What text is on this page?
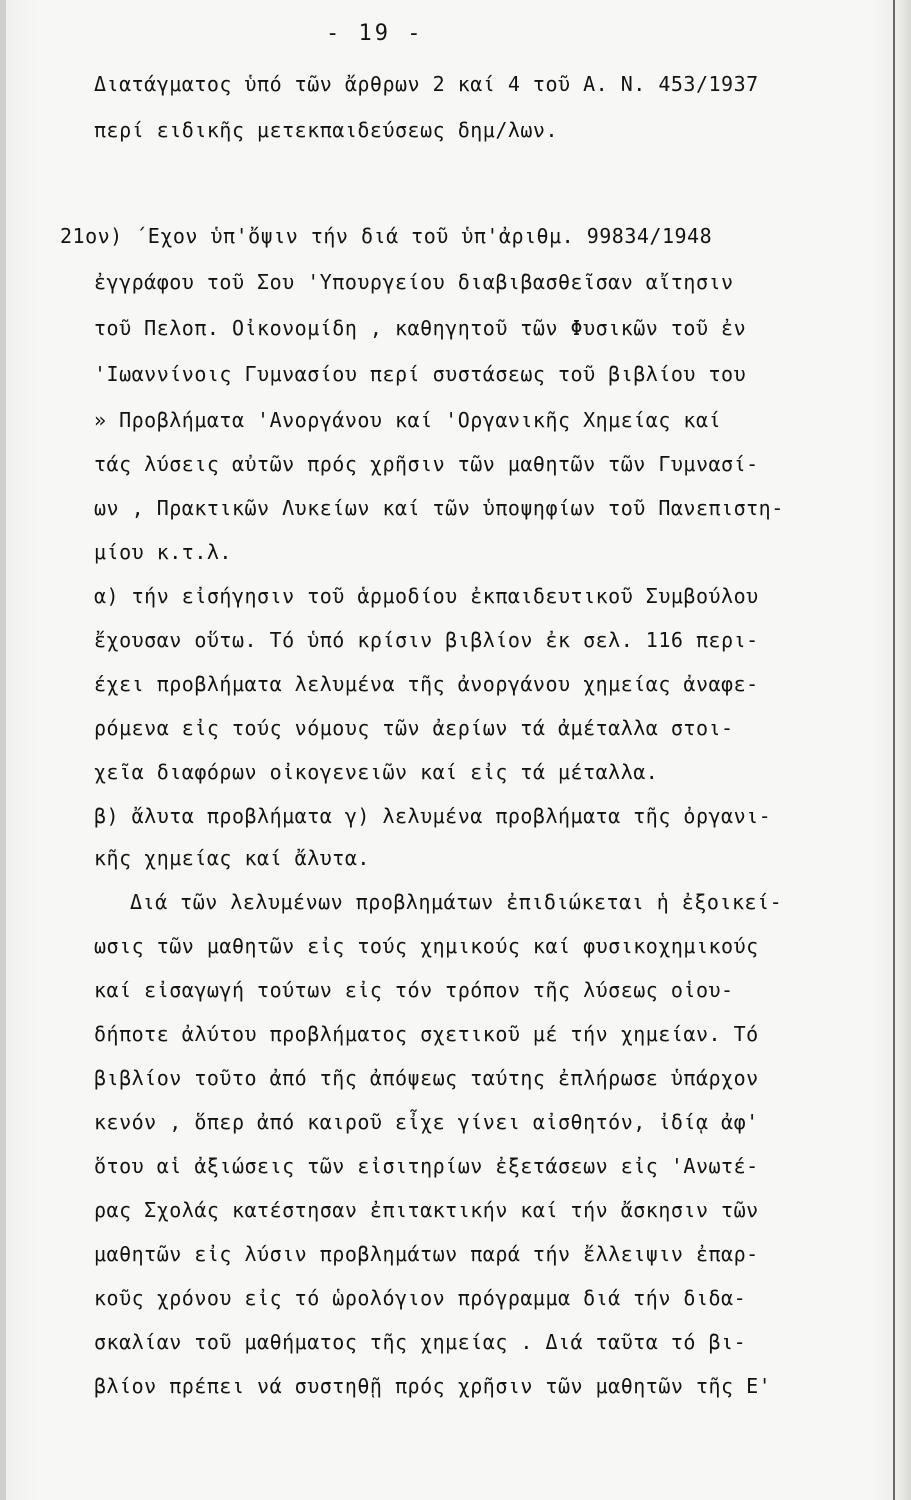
- 19 -
Διατάγματος ὑπό τῶν ἄρθρων 2 καί 4 τοῦ Α. Ν. 453/1937
περί ειδικῆς μετεκπαιδεύσεως δημ/λων.
21ον) ΄Εχον ὑπ'ὄψιν τήν διά τοῦ ὑπ'ἀριθμ. 99834/1948
ἐγγράφου τοῦ Σου 'Υπουργείου διαβιβασθεῖσαν αἴτησιν
τοῦ Πελοπ. Οἰκονομίδη , καθηγητοῦ τῶν Φυσικῶν τοῦ ἐν
'Ιωαννίνοις Γυμνασίου περί συστάσεως τοῦ βιβλίου του
» Προβλήματα 'Ανοργάνου καί 'Οργανικῆς Χημείας καί
τάς λύσεις αὐτῶν πρός χρῆσιν τῶν μαθητῶν τῶν Γυμνασί-
ων , Πρακτικῶν Λυκείων καί τῶν ὑποψηφίων τοῦ Πανεπιστη-
μίου κ.τ.λ.
α) τήν εἰσήγησιν τοῦ ἁρμοδίου ἐκπαιδευτικοῦ Συμβούλου
ἔχουσαν οὕτω. Τό ὑπό κρίσιν βιβλίον ἐκ σελ. 116 περι-
έχει προβλήματα λελυμένα τῆς ἀνοργάνου χημείας ἀναφε-
ρόμενα εἰς τούς νόμους τῶν ἀερίων τά ἀμέταλλα στοι-
χεῖα διαφόρων οἰκογενειῶν καί εἰς τά μέταλλα.
β) ἄλυτα προβλήματα γ) λελυμένα προβλήματα τῆς ὀργανι-
κῆς χημείας καί ἄλυτα.
Διά τῶν λελυμένων προβλημάτων ἐπιδιώκεται ἡ ἐξοικεί-
ωσις τῶν μαθητῶν εἰς τούς χημικούς καί φυσικοχημικούς
καί εἰσαγωγή τούτων εἰς τόν τρόπον τῆς λύσεως οἱου-
δήποτε ἀλύτου προβλήματος σχετικοῦ μέ τήν χημείαν. Τό
βιβλίον τοῦτο ἀπό τῆς ἀπόψεως ταύτης ἐπλήρωσε ὑπάρχον
κενόν , ὅπερ ἀπό καιροῦ εἶχε γίνει αἰσθητόν, ἰδίᾳ ἀφ'
ὅτου αἱ ἀξιώσεις τῶν εἰσιτηρίων ἐξετάσεων εἰς 'Ανωτέ-
ρας Σχολάς κατέστησαν ἐπιτακτικήν καί τήν ἄσκησιν τῶν
μαθητῶν εἰς λύσιν προβλημάτων παρά τήν ἔλλειψιν ἐπαρ-
κοῦς χρόνου εἰς τό ὡρολόγιον πρόγραμμα διά τήν διδα-
σκαλίαν τοῦ μαθήματος τῆς χημείας . Διά ταῦτα τό βι-
βλίον πρέπει νά συστηθῇ πρός χρῆσιν τῶν μαθητῶν τῆς Ε'
